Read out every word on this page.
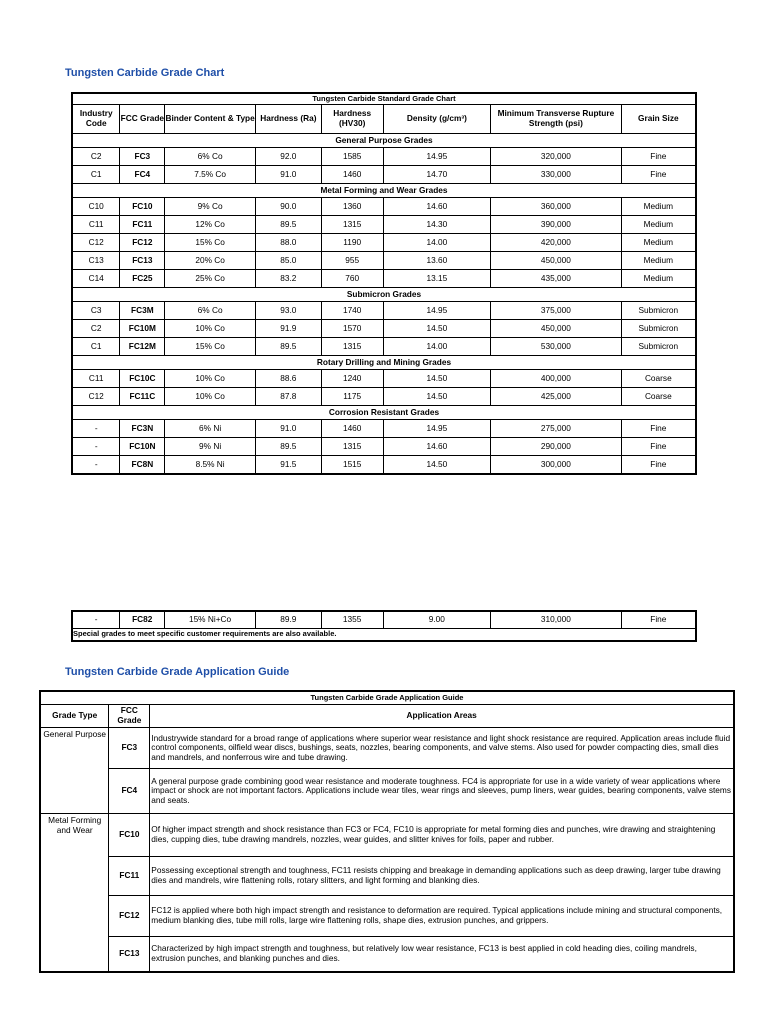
Tungsten Carbide Grade Chart
Tungsten Carbide Standard Grade Chart							
Industry Code	FCC Grade	Binder Content & Type	Hardness (Ra)	Hardness (HV30)	Density (g/cm³)	Minimum Transverse Rupture Strength (psi)	Grain Size
General Purpose Grades							
C2	FC3	6% Co	92.0	1585	14.95	320,000	Fine
C1	FC4	7.5% Co	91.0	1460	14.70	330,000	Fine
Metal Forming and Wear Grades							
C10	FC10	9% Co	90.0	1360	14.60	360,000	Medium
C11	FC11	12% Co	89.5	1315	14.30	390,000	Medium
C12	FC12	15% Co	88.0	1190	14.00	420,000	Medium
C13	FC13	20% Co	85.0	955	13.60	450,000	Medium
C14	FC25	25% Co	83.2	760	13.15	435,000	Medium
Submicron Grades							
C3	FC3M	6% Co	93.0	1740	14.95	375,000	Submicron
C2	FC10M	10% Co	91.9	1570	14.50	450,000	Submicron
C1	FC12M	15% Co	89.5	1315	14.00	530,000	Submicron
Rotary Drilling and Mining Grades							
C11	FC10C	10% Co	88.6	1240	14.50	400,000	Coarse
C12	FC11C	10% Co	87.8	1175	14.50	425,000	Coarse
Corrosion Resistant Grades							
-	FC3N	6% Ni	91.0	1460	14.95	275,000	Fine
-	FC10N	9% Ni	89.5	1315	14.60	290,000	Fine
-	FC8N	8.5% Ni	91.5	1515	14.50	300,000	Fine
-	FC82	15% Ni+Co	89.9	1355	9.00	310,000	Fine
Special grades to meet specific customer requirements are also available.
Tungsten Carbide Grade Application Guide
Tungsten Carbide Grade Application Guide		
Grade Type	FCC Grade	Application Areas
General Purpose	FC3	Industrywide standard for a broad range of applications where superior wear resistance and light shock resistance are required. Application areas include fluid control components, oilfield wear discs, bushings, seats, nozzles, bearing components, and valve stems. Also used for powder compacting dies, small dies and mandrels, and nonferrous wire and tube drawing.
	FC4	A general purpose grade combining good wear resistance and moderate toughness. FC4 is appropriate for use in a wide variety of wear applications where impact or shock are not important factors. Applications include wear tiles, wear rings and sleeves, pump liners, wear guides, bearing components, valve stems and seats.
Metal Forming and Wear	FC10	Of higher impact strength and shock resistance than FC3 or FC4, FC10 is appropriate for metal forming dies and punches, wire drawing and straightening dies, cupping dies, tube drawing mandrels, nozzles, wear guides, and slitter knives for foils, paper and rubber.
	FC11	Possessing exceptional strength and toughness, FC11 resists chipping and breakage in demanding applications such as deep drawing, larger tube drawing dies and mandrels, wire flattening rolls, rotary slitters, and light forming and blanking dies.
	FC12	FC12 is applied where both high impact strength and resistance to deformation are required. Typical applications include mining and structural components, medium blanking dies, tube mill rolls, large wire flattening rolls, shape dies, extrusion punches, and grippers.
	FC13	Characterized by high impact strength and toughness, but relatively low wear resistance, FC13 is best applied in cold heading dies, coiling mandrels, extrusion punches, and blanking punches and dies.
